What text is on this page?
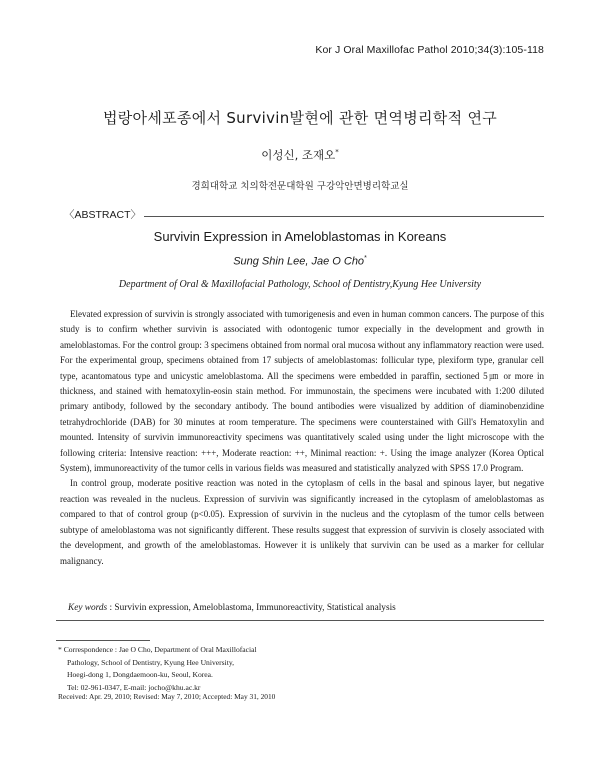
Kor J Oral Maxillofac Pathol 2010;34(3):105-118
법랑아세포종에서 Survivin발현에 관한 면역병리학적 연구
이성신, 조재오*
경희대학교 치의학전문대학원 구강악안면병리학교실
〈ABSTRACT〉
Survivin Expression in Ameloblastomas in Koreans
Sung Shin Lee, Jae O Cho*
Department of Oral & Maxillofacial Pathology, School of Dentistry,Kyung Hee University

Elevated expression of survivin is strongly associated with tumorigenesis and even in human common cancers. The purpose of this study is to confirm whether survivin is associated with odontogenic tumor expecially in the development and growth in ameloblastomas. For the control group: 3 specimens obtained from normal oral mucosa without any inflammatory reaction were used. For the experimental group, specimens obtained from 17 subjects of ameloblastomas: follicular type, plexiform type, granular cell type, acantomatous type and unicystic ameloblastoma. All the specimens were embedded in paraffin, sectioned 5㎛ or more in thickness, and stained with hematoxylin-eosin stain method. For immunostain, the specimens were incubated with 1:200 diluted primary antibody, followed by the secondary antibody. The bound antibodies were visualized by addition of diaminobenzidine tetrahydrochloride (DAB) for 30 minutes at room temperature. The specimens were counterstained with Gill's Hematoxylin and mounted. Intensity of survivin immunoreactivity specimens was quantitatively scaled using under the light microscope with the following criteria: Intensive reaction: +++, Moderate reaction: ++, Minimal reaction: +. Using the image analyzer (Korea Optical System), immunoreactivity of the tumor cells in various fields was measured and statistically analyzed with SPSS 17.0 Program.

In control group, moderate positive reaction was noted in the cytoplasm of cells in the basal and spinous layer, but negative reaction was revealed in the nucleus. Expression of survivin was significantly increased in the cytoplasm of ameloblastomas as compared to that of control group (p<0.05). Expression of survivin in the nucleus and the cytoplasm of the tumor cells between subtype of ameloblastoma was not significantly different. These results suggest that expression of survivin is closely associated with the development, and growth of the ameloblastomas. However it is unlikely that survivin can be used as a marker for cellular malignancy.

Key words : Survivin expression, Ameloblastoma, Immunoreactivity, Statistical analysis
* Correspondence : Jae O Cho, Department of Oral Maxillofacial
Pathology, School of Dentistry, Kyung Hee University,
Hoegi-dong 1, Dongdaemoon-ku, Seoul, Korea.
Tel: 02-961-0347, E-mail: jocho@khu.ac.kr
Received: Apr. 29, 2010; Revised: May 7, 2010; Accepted: May 31, 2010
